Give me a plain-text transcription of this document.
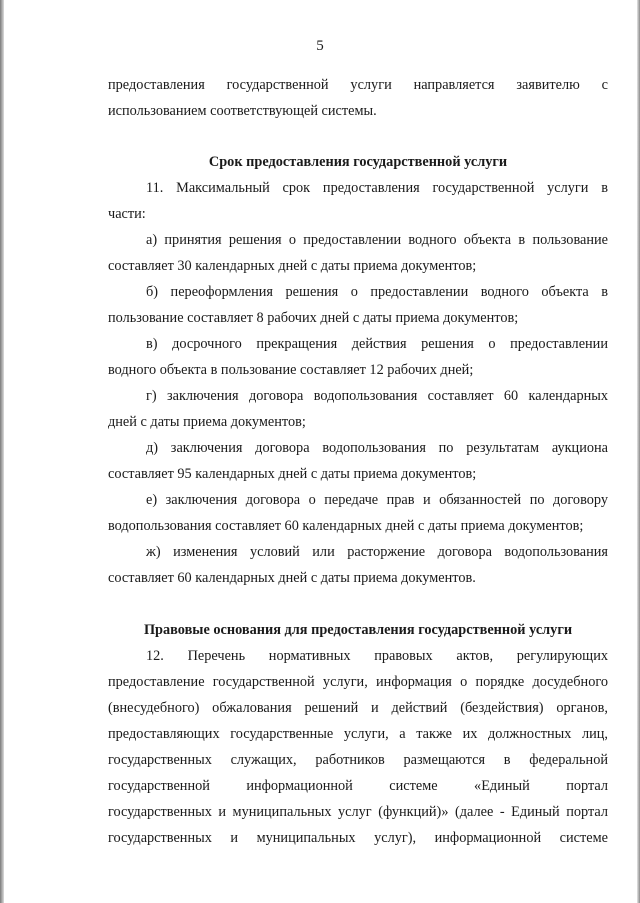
5
предоставления государственной услуги направляется заявителю с
использованием соответствующей системы.
Срок предоставления государственной услуги
11. Максимальный срок предоставления государственной услуги в
части:
а) принятия решения о предоставлении водного объекта в пользование
составляет 30 календарных дней с даты приема документов;
б) переоформления решения о предоставлении водного объекта в
пользование составляет 8 рабочих дней с даты приема документов;
в) досрочного прекращения действия решения о предоставлении
водного объекта в пользование составляет 12 рабочих дней;
г) заключения договора водопользования составляет 60 календарных
дней с даты приема документов;
д) заключения договора водопользования по результатам аукциона
составляет 95 календарных дней с даты приема документов;
е) заключения договора о передаче прав и обязанностей по договору
водопользования составляет 60 календарных дней с даты приема документов;
ж) изменения условий или расторжение договора водопользования
составляет 60 календарных дней с даты приема документов.
Правовые основания для предоставления государственной услуги
12. Перечень нормативных правовых актов, регулирующих
предоставление государственной услуги, информация о порядке досудебного
(внесудебного) обжалования решений и действий (бездействия) органов,
предоставляющих государственные услуги, а также их должностных лиц,
государственных служащих, работников размещаются в федеральной
государственной информационной системе «Единый портал
государственных и муниципальных услуг (функций)» (далее - Единый портал
государственных и муниципальных услуг), информационной системе
